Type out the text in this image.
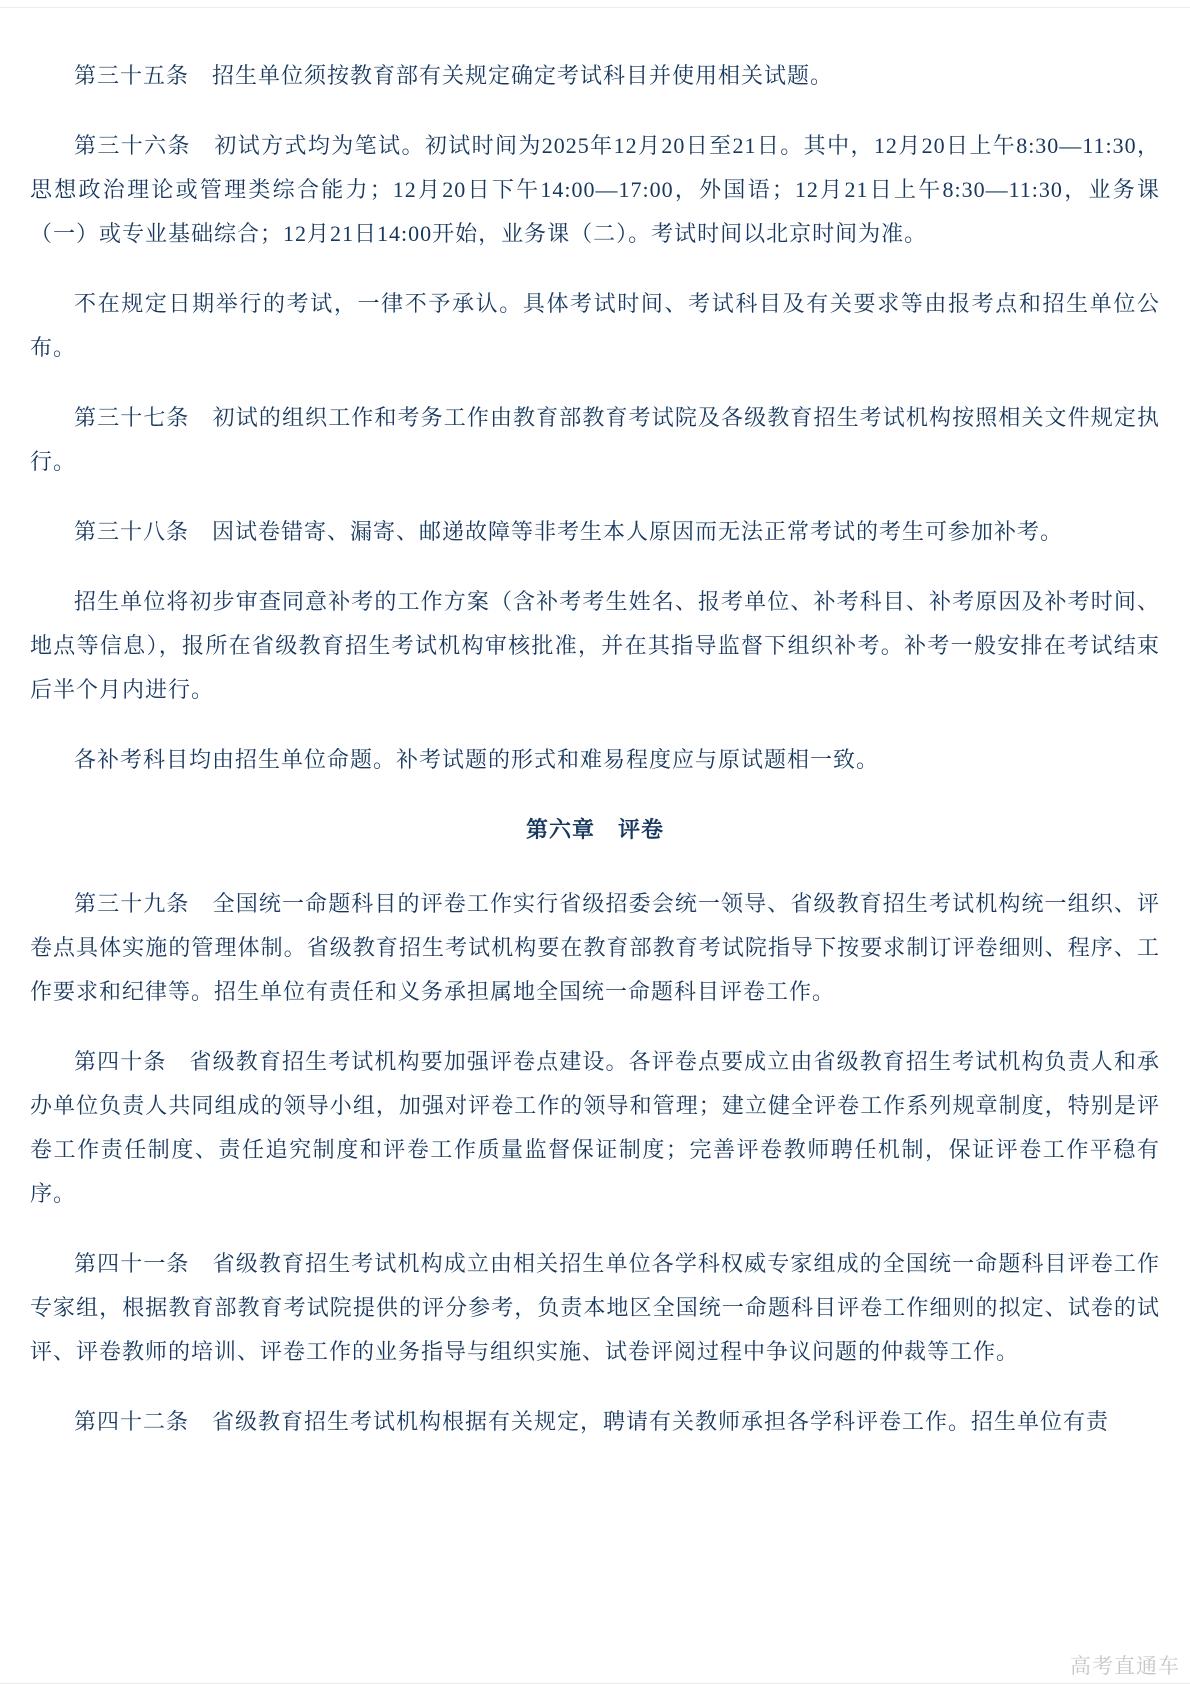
第三十五条　招生单位须按教育部有关规定确定考试科目并使用相关试题。

第三十六条　初试方式均为笔试。初试时间为2025年12月20日至21日。其中，12月20日上午8:30—11:30，思想政治理论或管理类综合能力；12月20日下午14:00—17:00，外国语；12月21日上午8:30—11:30，业务课（一）或专业基础综合；12月21日14:00开始，业务课（二）。考试时间以北京时间为准。

不在规定日期举行的考试，一律不予承认。具体考试时间、考试科目及有关要求等由报考点和招生单位公布。

第三十七条　初试的组织工作和考务工作由教育部教育考试院及各级教育招生考试机构按照相关文件规定执行。

第三十八条　因试卷错寄、漏寄、邮递故障等非考生本人原因而无法正常考试的考生可参加补考。

招生单位将初步审查同意补考的工作方案（含补考考生姓名、报考单位、补考科目、补考原因及补考时间、地点等信息），报所在省级教育招生考试机构审核批准，并在其指导监督下组织补考。补考一般安排在考试结束后半个月内进行。

各补考科目均由招生单位命题。补考试题的形式和难易程度应与原试题相一致。

第六章　评卷

第三十九条　全国统一命题科目的评卷工作实行省级招委会统一领导、省级教育招生考试机构统一组织、评卷点具体实施的管理体制。省级教育招生考试机构要在教育部教育考试院指导下按要求制订评卷细则、程序、工作要求和纪律等。招生单位有责任和义务承担属地全国统一命题科目评卷工作。

第四十条　省级教育招生考试机构要加强评卷点建设。各评卷点要成立由省级教育招生考试机构负责人和承办单位负责人共同组成的领导小组，加强对评卷工作的领导和管理；建立健全评卷工作系列规章制度，特别是评卷工作责任制度、责任追究制度和评卷工作质量监督保证制度；完善评卷教师聘任机制，保证评卷工作平稳有序。

第四十一条　省级教育招生考试机构成立由相关招生单位各学科权威专家组成的全国统一命题科目评卷工作专家组，根据教育部教育考试院提供的评分参考，负责本地区全国统一命题科目评卷工作细则的拟定、试卷的试评、评卷教师的培训、评卷工作的业务指导与组织实施、试卷评阅过程中争议问题的仲裁等工作。

第四十二条　省级教育招生考试机构根据有关规定，聘请有关教师承担各学科评卷工作。招生单位有责

高考直通车
